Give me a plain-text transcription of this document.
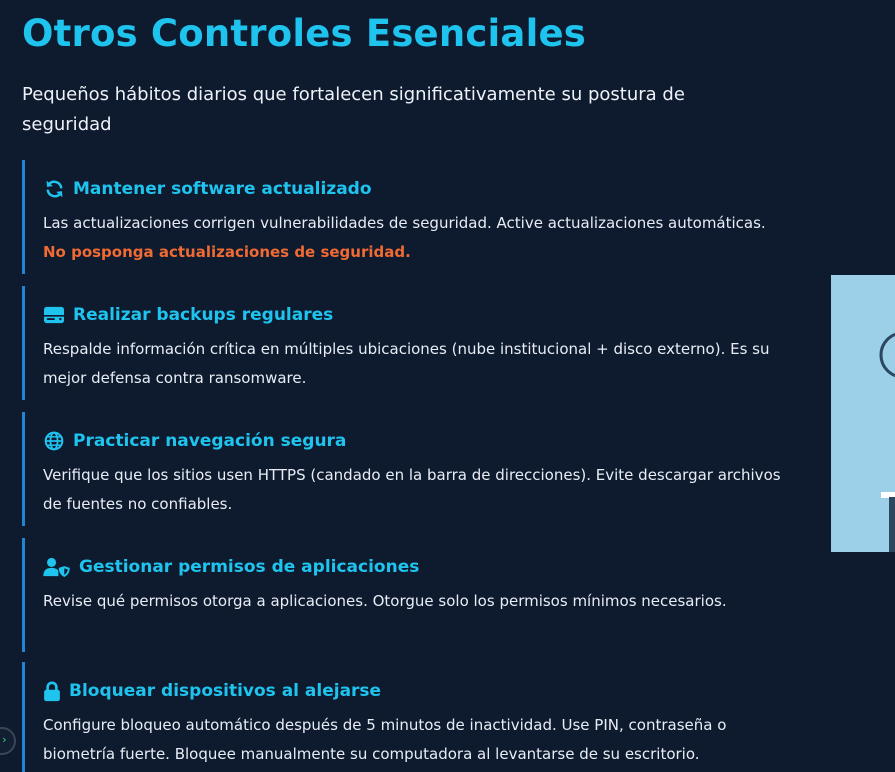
Otros Controles Esenciales

Pequeños hábitos diarios que fortalecen significativamente su postura de seguridad

Mantener software actualizado

Las actualizaciones corrigen vulnerabilidades de seguridad. Active actualizaciones automáticas. No posponga actualizaciones de seguridad.

Realizar backups regulares

Respalde información crítica en múltiples ubicaciones (nube institucional + disco externo). Es su mejor defensa contra ransomware.

Practicar navegación segura

Verifique que los sitios usen HTTPS (candado en la barra de direcciones). Evite descargar archivos de fuentes no confiables.

Gestionar permisos de aplicaciones

Revise qué permisos otorga a aplicaciones. Otorgue solo los permisos mínimos necesarios.

Bloquear dispositivos al alejarse

Configure bloqueo automático después de 5 minutos de inactividad. Use PIN, contraseña o biometría fuerte. Bloquee manualmente su computadora al levantarse de su escritorio.

›
